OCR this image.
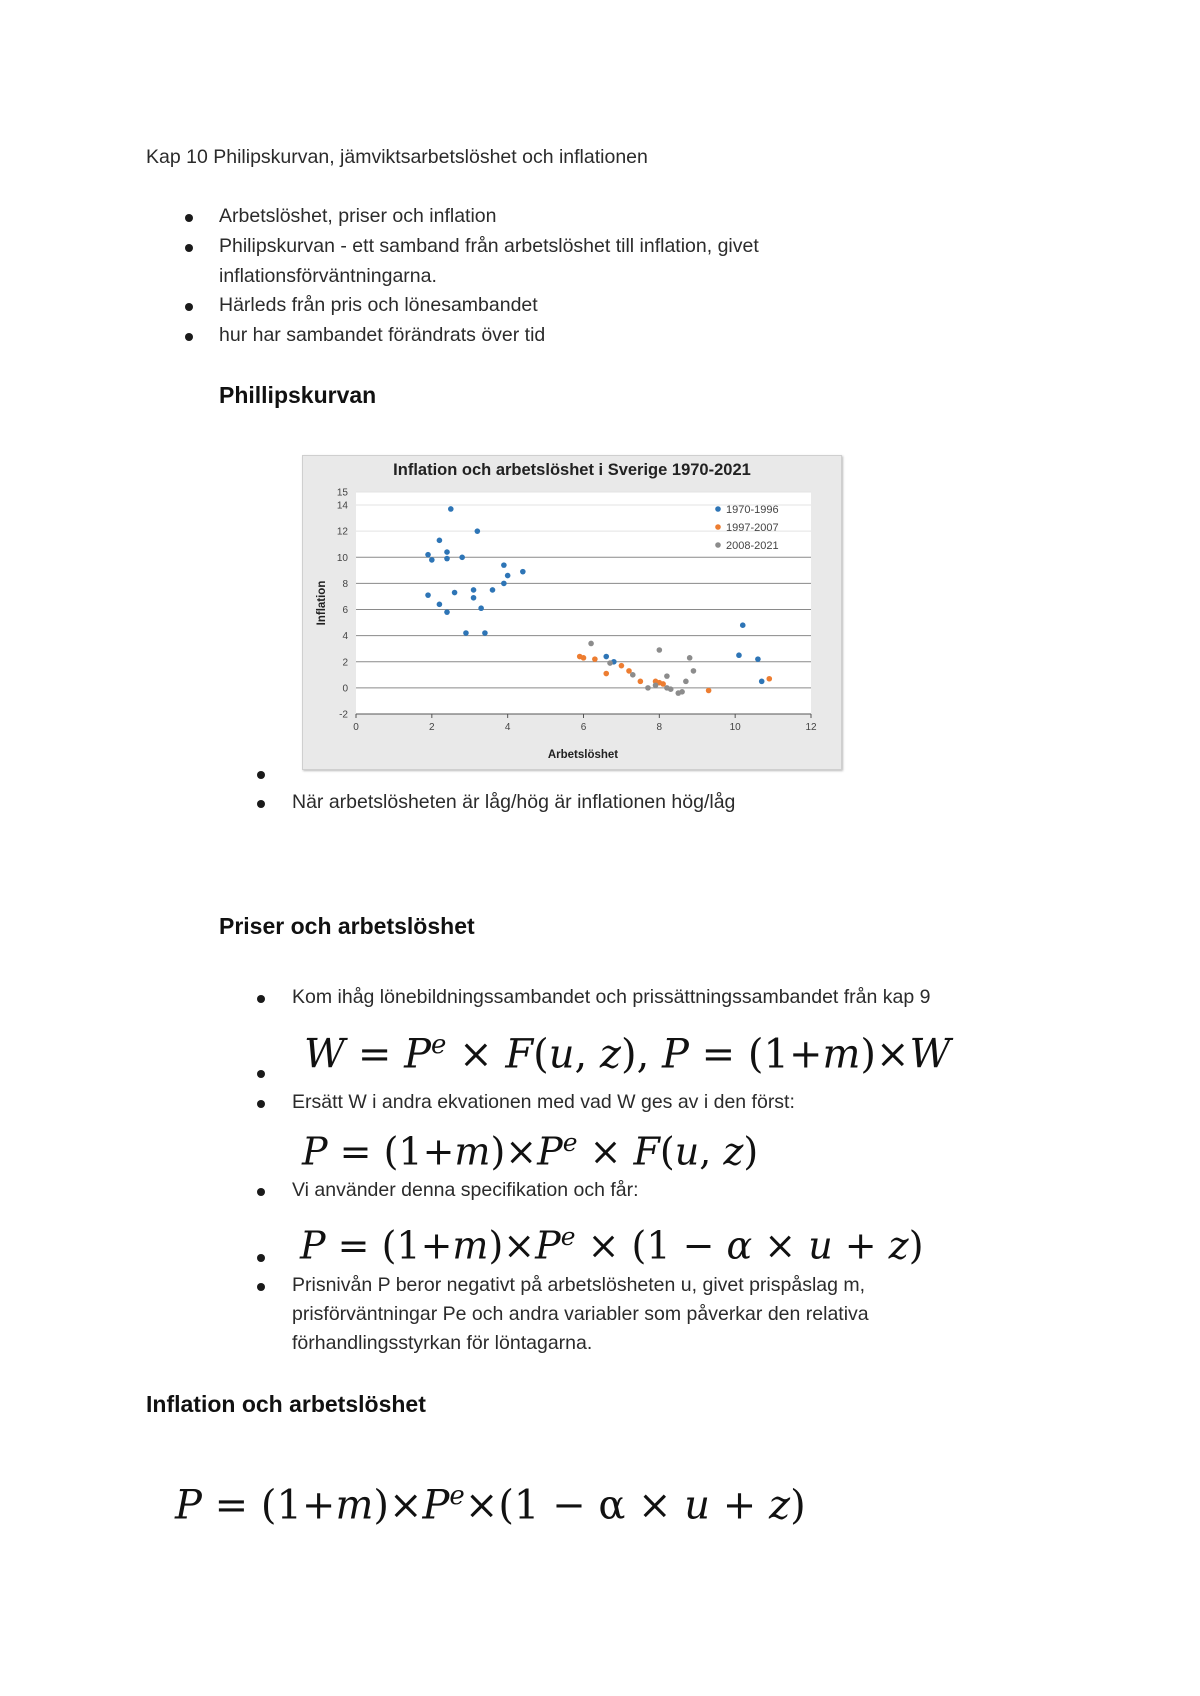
Kap 10 Philipskurvan, jämviktsarbetslöshet och inflationen
Arbetslöshet, priser och inflation
Philipskurvan - ett samband från arbetslöshet till inflation, givet
inflationsförväntningarna.
Härleds från pris och lönesambandet
hur har sambandet förändrats över tid
Phillipskurvan
Inflation och arbetslöshet i Sverige 1970-2021
-2
0
2
4
6
8
10
12
14
15
0	2	4	6	8	10	12
1970-1996
1997-2007
2008-2021
Arbetslöshet
Inflation
När arbetslösheten är låg/hög är inflationen hög/låg
Priser och arbetslöshet
Kom ihåg lönebildningssambandet och prissättningssambandet från kap 9
$W = P^e \times F(u$, z), P = (1+m)×W
Ersätt W i andra ekvationen med vad W ges av i den först:
$P = (1+m)\times P^e \times F(u$, z)
Vi använder denna specifikation och får:
$P = (1+m)\times P^e \times (1 - \alpha \times u + z)$
Prisnivån P beror negativt på arbetslösheten u, givet prispåslag m,
prisförväntningar Pe och andra variabler som påverkar den relativa
förhandlingsstyrkan för löntagarna.
Inflation och arbetslöshet
$P = (1+m)\times P^e\times(1 - \alpha \times u + z)$
